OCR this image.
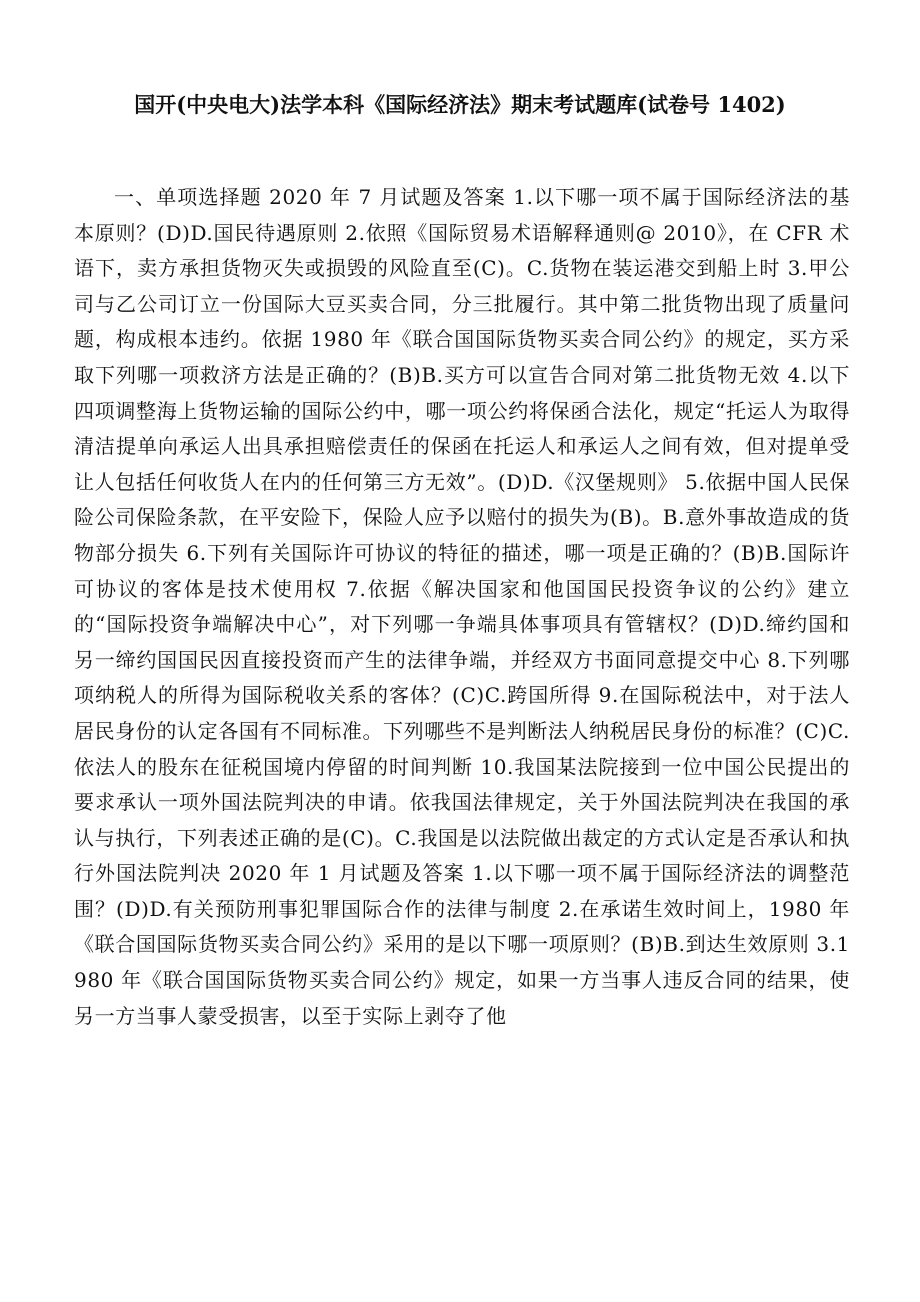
国开(中央电大)法学本科《国际经济法》期末考试题库(试卷号 1402)

一、单项选择题 2020 年 7 月试题及答案 1.以下哪一项不属于国际经济法的基本原则？(D)D.国民待遇原则 2.依照《国际贸易术语解释通则@ 2010》，在 CFR 术语下，卖方承担货物灭失或损毁的风险直至(C)。C.货物在装运港交到船上时 3.甲公司与乙公司订立一份国际大豆买卖合同，分三批履行。其中第二批货物出现了质量问题，构成根本违约。依据 1980 年《联合国国际货物买卖合同公约》的规定，买方采取下列哪一项救济方法是正确的？(B)B.买方可以宣告合同对第二批货物无效 4.以下四项调整海上货物运输的国际公约中，哪一项公约将保函合法化，规定“托运人为取得清洁提单向承运人出具承担赔偿责任的保函在托运人和承运人之间有效，但对提单受让人包括任何收货人在内的任何第三方无效”。(D)D.《汉堡规则》 5.依据中国人民保险公司保险条款，在平安险下，保险人应予以赔付的损失为(B)。B.意外事故造成的货物部分损失 6.下列有关国际许可协议的特征的描述，哪一项是正确的？(B)B.国际许可协议的客体是技术使用权 7.依据《解决国家和他国国民投资争议的公约》建立的“国际投资争端解决中心”，对下列哪一争端具体事项具有管辖权？(D)D.缔约国和另一缔约国国民因直接投资而产生的法律争端，并经双方书面同意提交中心 8.下列哪项纳税人的所得为国际税收关系的客体？(C)C.跨国所得 9.在国际税法中，对于法人居民身份的认定各国有不同标准。下列哪些不是判断法人纳税居民身份的标准？(C)C.依法人的股东在征税国境内停留的时间判断 10.我国某法院接到一位中国公民提出的要求承认一项外国法院判决的申请。依我国法律规定，关于外国法院判决在我国的承认与执行，下列表述正确的是(C)。C.我国是以法院做出裁定的方式认定是否承认和执行外国法院判决 2020 年 1 月试题及答案 1.以下哪一项不属于国际经济法的调整范围？(D)D.有关预防刑事犯罪国际合作的法律与制度 2.在承诺生效时间上，1980 年《联合国国际货物买卖合同公约》采用的是以下哪一项原则？(B)B.到达生效原则 3.1980 年《联合国国际货物买卖合同公约》规定，如果一方当事人违反合同的结果，使另一方当事人蒙受损害，以至于实际上剥夺了他
